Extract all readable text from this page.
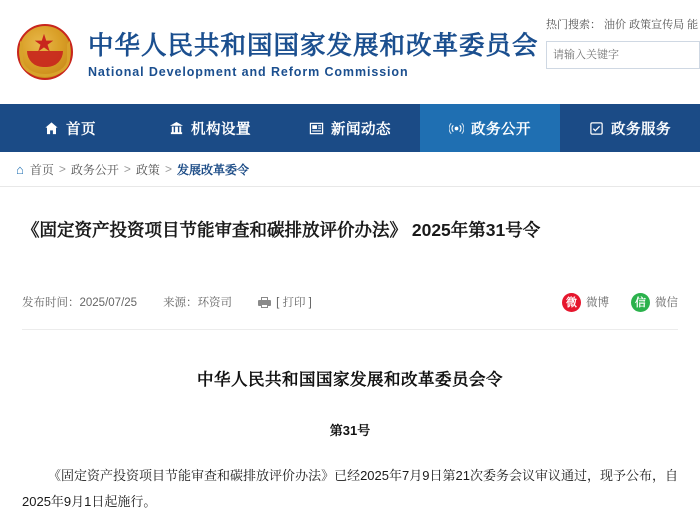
★ 中华人民共和国国家发展和改革委员会
National Development and Reform Commission
热门搜索： 油价 政策宣传局 能
请输入关键字
首页	机构设置	新闻动态	政务公开	政务服务
⌂ 首页 > 政务公开 > 政策 > 发展改革委令
《固定资产投资项目节能审查和碳排放评价办法》 2025年第31号令
发布时间：2025/07/25 来源：环资司	[ 打印 ]	微 微博	信 微信
中华人民共和国国家发展和改革委员会令
第31号

《固定资产投资项目节能审查和碳排放评价办法》已经2025年7月9日第21次委务会议审议通过，现予公布，自2025年9月1日起施行。
